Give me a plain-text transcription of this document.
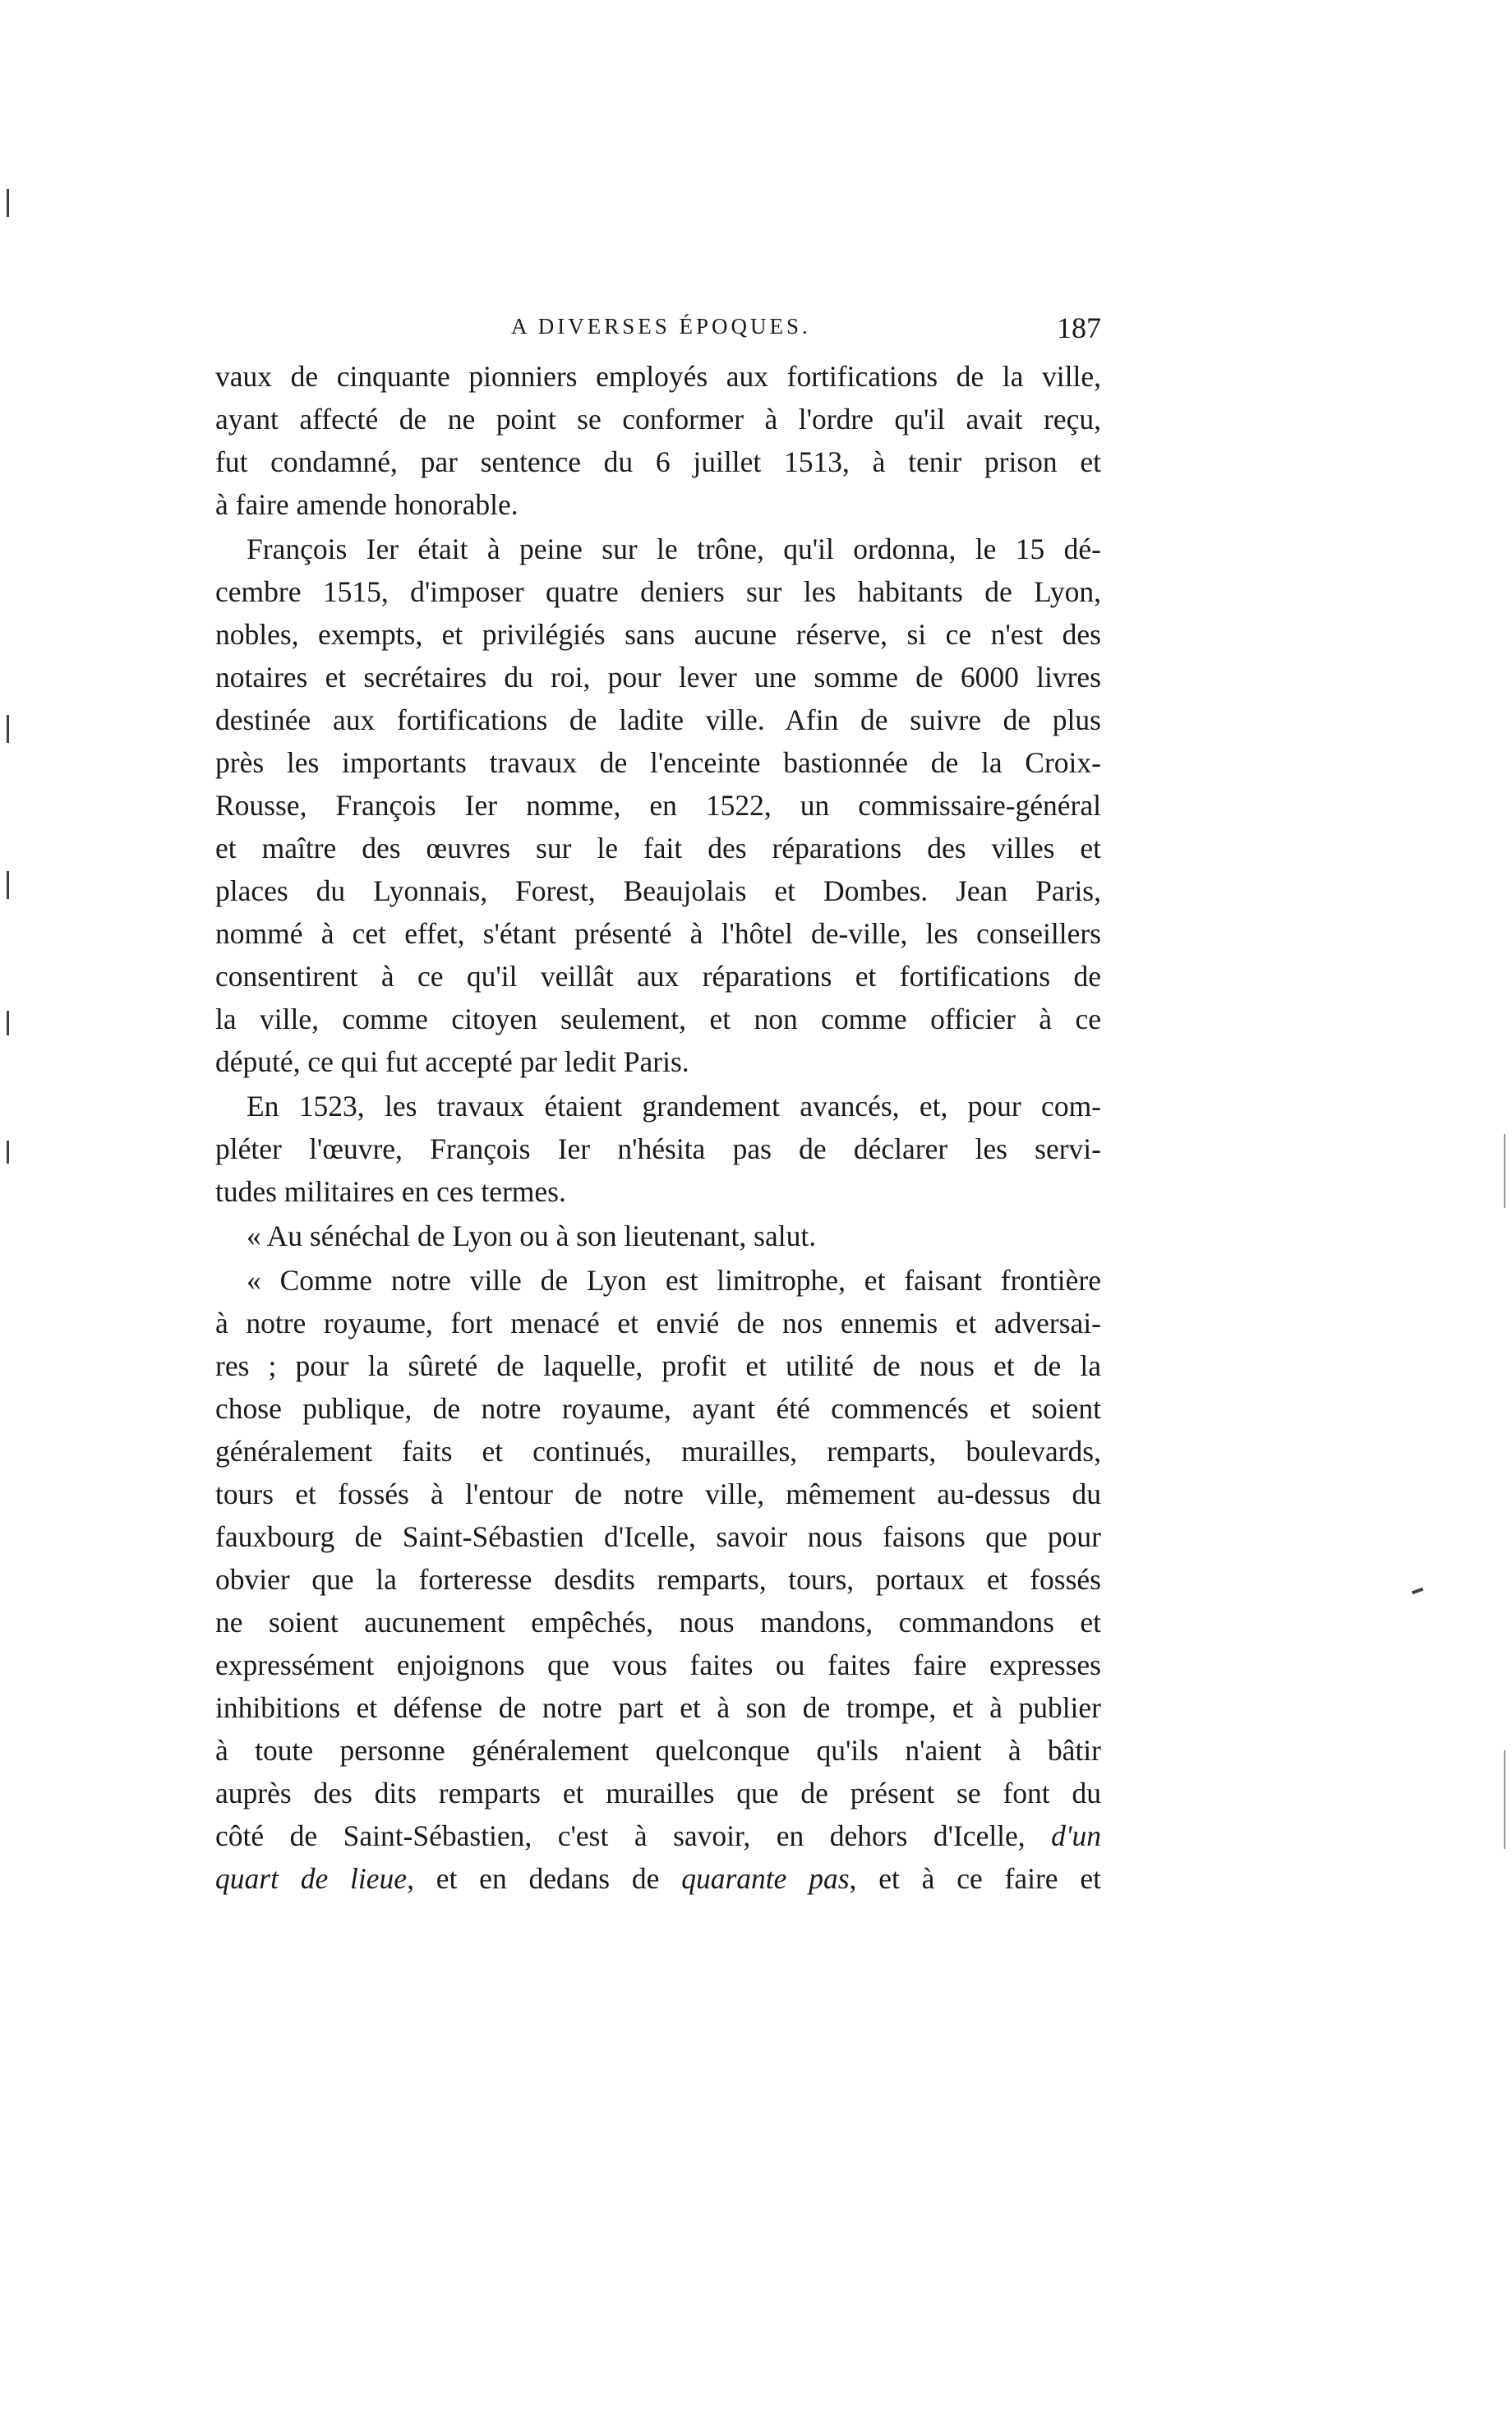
A DIVERSES ÉPOQUES.	187
vaux de cinquante pionniers employés aux fortifications de la ville,
ayant affecté de ne point se conformer à l'ordre qu'il avait reçu,
fut condamné, par sentence du 6 juillet 1513, à tenir prison et
à faire amende honorable.
François Ier était à peine sur le trône, qu'il ordonna, le 15 dé-
cembre 1515, d'imposer quatre deniers sur les habitants de Lyon,
nobles, exempts, et privilégiés sans aucune réserve, si ce n'est des
notaires et secrétaires du roi, pour lever une somme de 6000 livres
destinée aux fortifications de ladite ville. Afin de suivre de plus
près les importants travaux de l'enceinte bastionnée de la Croix-
Rousse, François Ier nomme, en 1522, un commissaire-général
et maître des œuvres sur le fait des réparations des villes et
places du Lyonnais, Forest, Beaujolais et Dombes. Jean Paris,
nommé à cet effet, s'étant présenté à l'hôtel de-ville, les conseillers
consentirent à ce qu'il veillât aux réparations et fortifications de
la ville, comme citoyen seulement, et non comme officier à ce
député, ce qui fut accepté par ledit Paris.
En 1523, les travaux étaient grandement avancés, et, pour com-
pléter l'œuvre, François Ier n'hésita pas de déclarer les servi-
tudes militaires en ces termes.
« Au sénéchal de Lyon ou à son lieutenant, salut.
« Comme notre ville de Lyon est limitrophe, et faisant frontière
à notre royaume, fort menacé et envié de nos ennemis et adversai-
res ; pour la sûreté de laquelle, profit et utilité de nous et de la
chose publique, de notre royaume, ayant été commencés et soient
généralement faits et continués, murailles, remparts, boulevards,
tours et fossés à l'entour de notre ville, mêmement au-dessus du
fauxbourg de Saint-Sébastien d'Icelle, savoir nous faisons que pour
obvier que la forteresse desdits remparts, tours, portaux et fossés
ne soient aucunement empêchés, nous mandons, commandons et
expressément enjoignons que vous faites ou faites faire expresses
inhibitions et défense de notre part et à son de trompe, et à publier
à toute personne généralement quelconque qu'ils n'aient à bâtir
auprès des dits remparts et murailles que de présent se font du
côté de Saint-Sébastien, c'est à savoir, en dehors d'Icelle, d'un
quart de lieue, et en dedans de quarante pas, et à ce faire et
